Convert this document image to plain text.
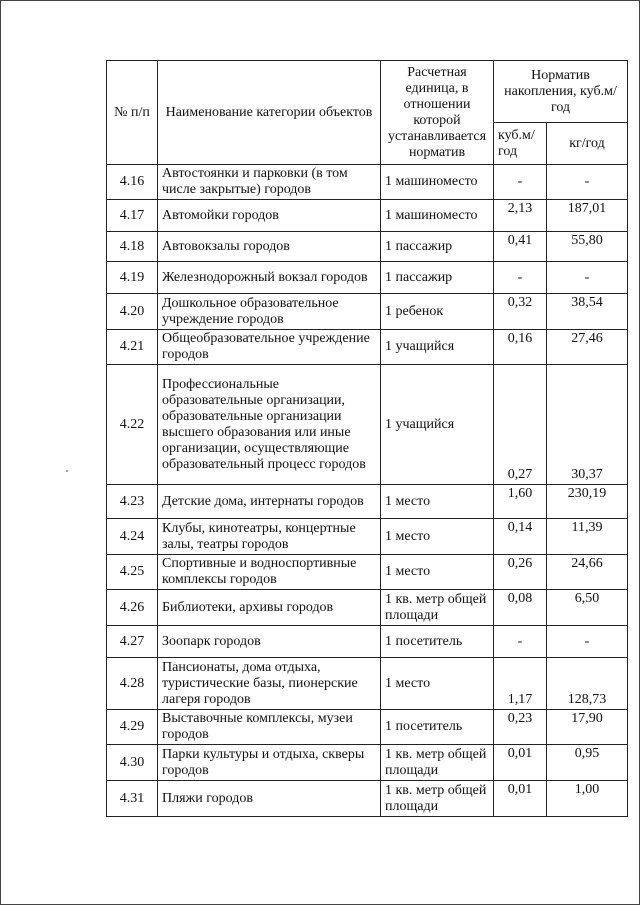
№ п/п	Наименование категории объектов	Расчетная единица, в отношении которой устанавливается норматив	Норматив накопления, куб.м/ год	
			куб.м/ год	кг/год
4.16	Автостоянки и парковки (в том числе закрытые) городов	1 машиноместо	-	-
4.17	Автомойки городов	1 машиноместо	2,13	187,01
4.18	Автовокзалы городов	1 пассажир	0,41	55,80
4.19	Железнодорожный вокзал городов	1 пассажир	-	-
4.20	Дошкольное образовательное учреждение городов	1 ребенок	0,32	38,54
4.21	Общеобразовательное учреждение городов	1 учащийся	0,16	27,46
4.22	Профессиональные образовательные организации, образовательные организации высшего образования или иные организации, осуществляющие образовательный процесс городов	1 учащийся	0,27	30,37
4.23	Детские дома, интернаты городов	1 место	1,60	230,19
4.24	Клубы, кинотеатры, концертные залы, театры городов	1 место	0,14	11,39
4.25	Спортивные и водноспортивные комплексы городов	1 место	0,26	24,66
4.26	Библиотеки, архивы городов	1 кв. метр общей площади	0,08	6,50
4.27	Зоопарк городов	1 посетитель	-	-
4.28	Пансионаты, дома отдыха, туристические базы, пионерские лагеря городов	1 место	1,17	128,73
4.29	Выставочные комплексы, музеи городов	1 посетитель	0,23	17,90
4.30	Парки культуры и отдыха, скверы городов	1 кв. метр общей площади	0,01	0,95
4.31	Пляжи городов	1 кв. метр общей площади	0,01	1,00
